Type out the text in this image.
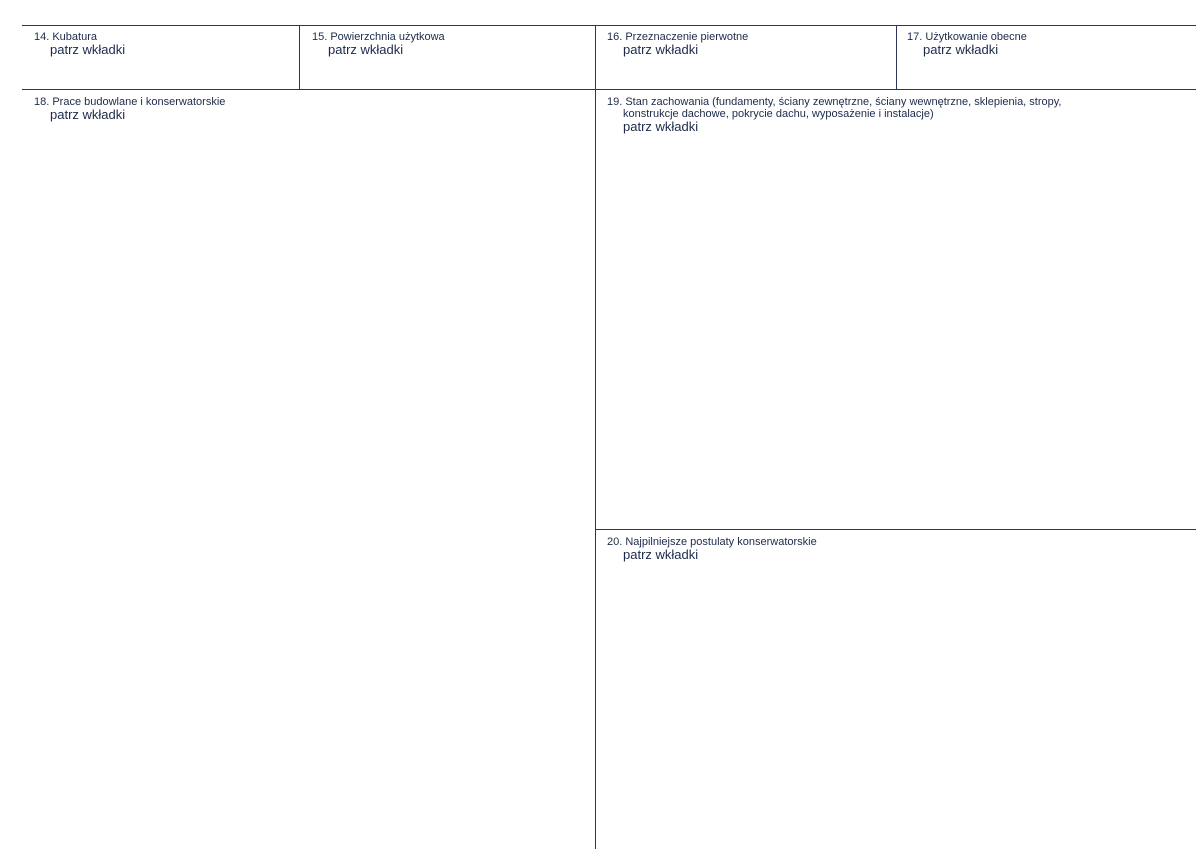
14. Kubatura
patrz wkładki
15. Powierzchnia użytkowa
patrz wkładki
16. Przeznaczenie pierwotne
patrz wkładki
17. Użytkowanie obecne
patrz wkładki
18. Prace budowlane i konserwatorskie
patrz wkładki
19. Stan zachowania (fundamenty, ściany zewnętrzne, ściany wewnętrzne, sklepienia, stropy,
konstrukcje dachowe, pokrycie dachu, wyposażenie i instalacje)
patrz wkładki
20. Najpilniejsze postulaty konserwatorskie
patrz wkładki
